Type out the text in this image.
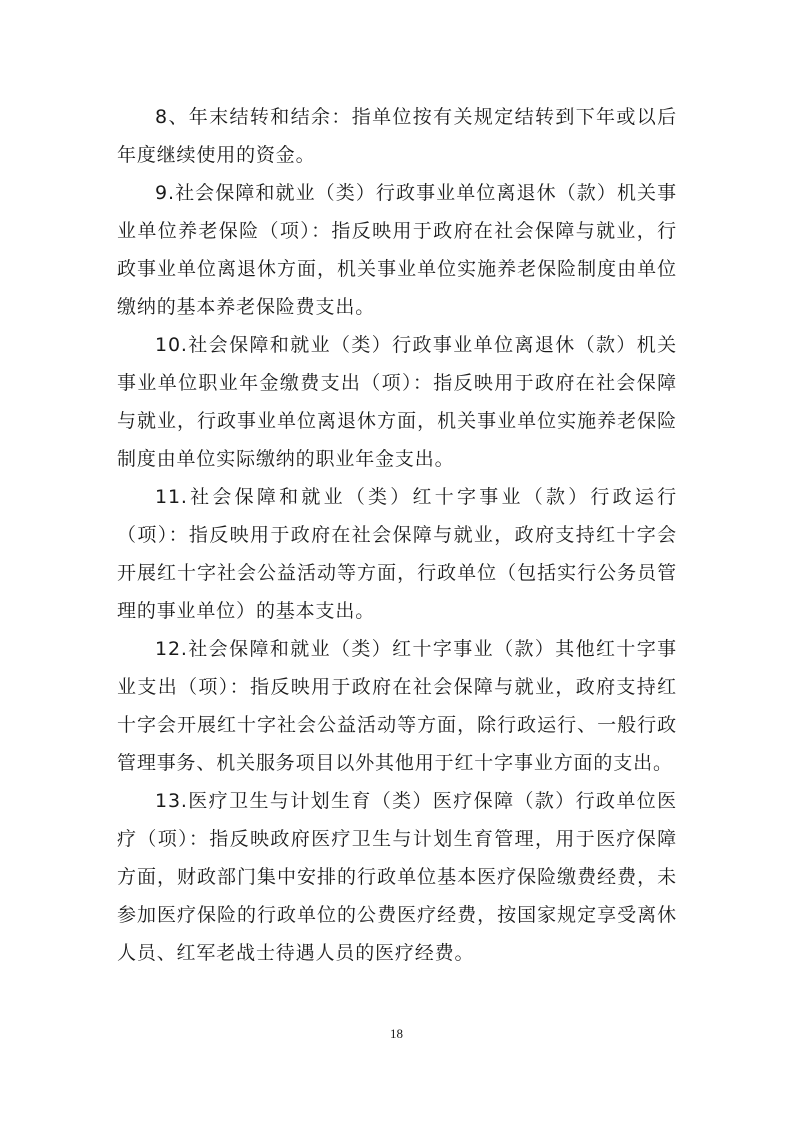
8、年末结转和结余：指单位按有关规定结转到下年或以后年度继续使用的资金。

9.社会保障和就业（类）行政事业单位离退休（款）机关事业单位养老保险（项）：指反映用于政府在社会保障与就业，行政事业单位离退休方面，机关事业单位实施养老保险制度由单位缴纳的基本养老保险费支出。

10.社会保障和就业（类）行政事业单位离退休（款）机关事业单位职业年金缴费支出（项）：指反映用于政府在社会保障与就业，行政事业单位离退休方面，机关事业单位实施养老保险制度由单位实际缴纳的职业年金支出。

11.社会保障和就业（类）红十字事业（款）行政运行（项）：指反映用于政府在社会保障与就业，政府支持红十字会开展红十字社会公益活动等方面，行政单位（包括实行公务员管理的事业单位）的基本支出。

12.社会保障和就业（类）红十字事业（款）其他红十字事业支出（项）：指反映用于政府在社会保障与就业，政府支持红十字会开展红十字社会公益活动等方面，除行政运行、一般行政管理事务、机关服务项目以外其他用于红十字事业方面的支出。

13.医疗卫生与计划生育（类）医疗保障（款）行政单位医疗（项）：指反映政府医疗卫生与计划生育管理，用于医疗保障方面，财政部门集中安排的行政单位基本医疗保险缴费经费，未参加医疗保险的行政单位的公费医疗经费，按国家规定享受离休人员、红军老战士待遇人员的医疗经费。

18
